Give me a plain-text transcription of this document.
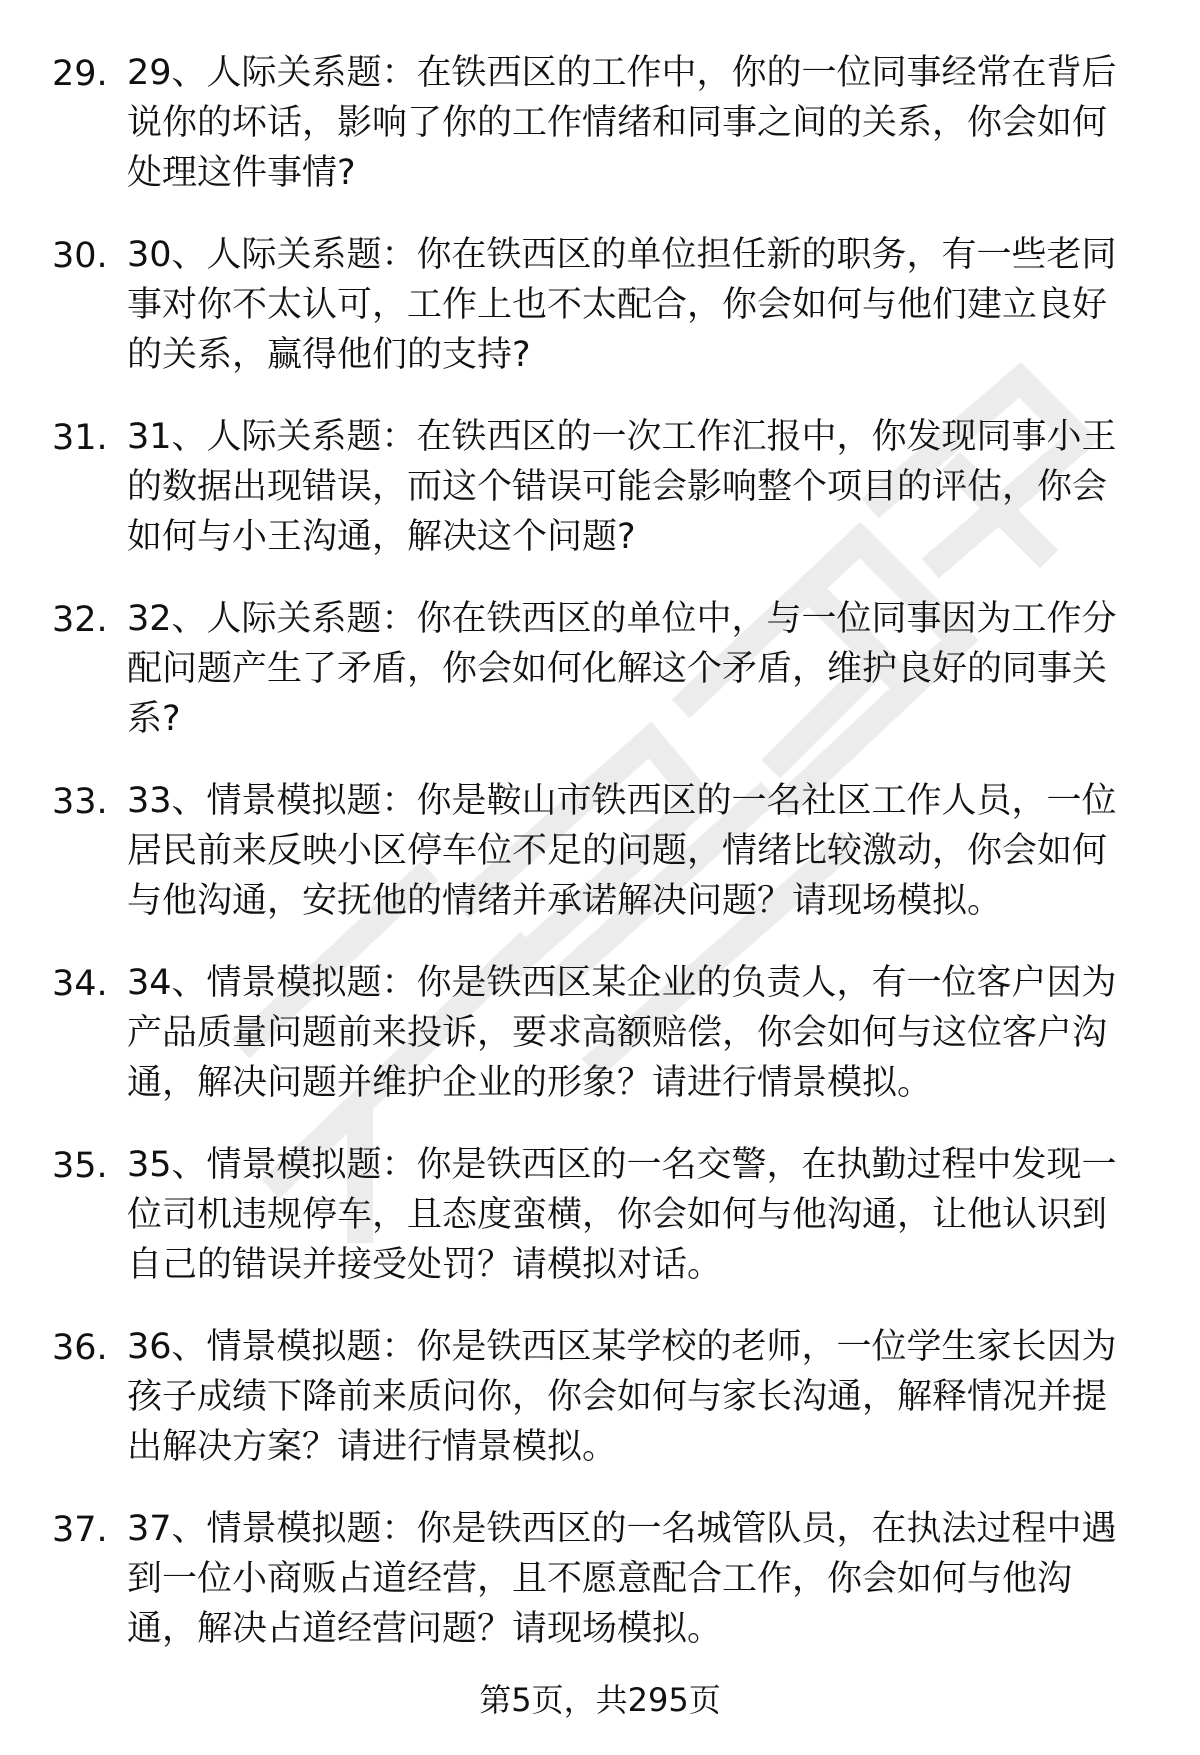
29. 29、人际关系题：在铁西区的工作中，你的一位同事经常在背后
说你的坏话，影响了你的工作情绪和同事之间的关系，你会如何
处理这件事情?
30. 30、人际关系题：你在铁西区的单位担任新的职务，有一些老同
事对你不太认可，工作上也不太配合，你会如何与他们建立良好
的关系，赢得他们的支持?
31. 31、人际关系题：在铁西区的一次工作汇报中，你发现同事小王
的数据出现错误，而这个错误可能会影响整个项目的评估，你会
如何与小王沟通，解决这个问题?
32. 32、人际关系题：你在铁西区的单位中，与一位同事因为工作分
配问题产生了矛盾，你会如何化解这个矛盾，维护良好的同事关
系?
33. 33、情景模拟题：你是鞍山市铁西区的一名社区工作人员，一位
居民前来反映小区停车位不足的问题，情绪比较激动，你会如何
与他沟通，安抚他的情绪并承诺解决问题？请现场模拟。
34. 34、情景模拟题：你是铁西区某企业的负责人，有一位客户因为
产品质量问题前来投诉，要求高额赔偿，你会如何与这位客户沟
通，解决问题并维护企业的形象？请进行情景模拟。
35. 35、情景模拟题：你是铁西区的一名交警，在执勤过程中发现一
位司机违规停车，且态度蛮横，你会如何与他沟通，让他认识到
自己的错误并接受处罚？请模拟对话。
36. 36、情景模拟题：你是铁西区某学校的老师，一位学生家长因为
孩子成绩下降前来质问你，你会如何与家长沟通，解释情况并提
出解决方案？请进行情景模拟。
37. 37、情景模拟题：你是铁西区的一名城管队员，在执法过程中遇
到一位小商贩占道经营，且不愿意配合工作，你会如何与他沟
通，解决占道经营问题？请现场模拟。
第5页，共295页
